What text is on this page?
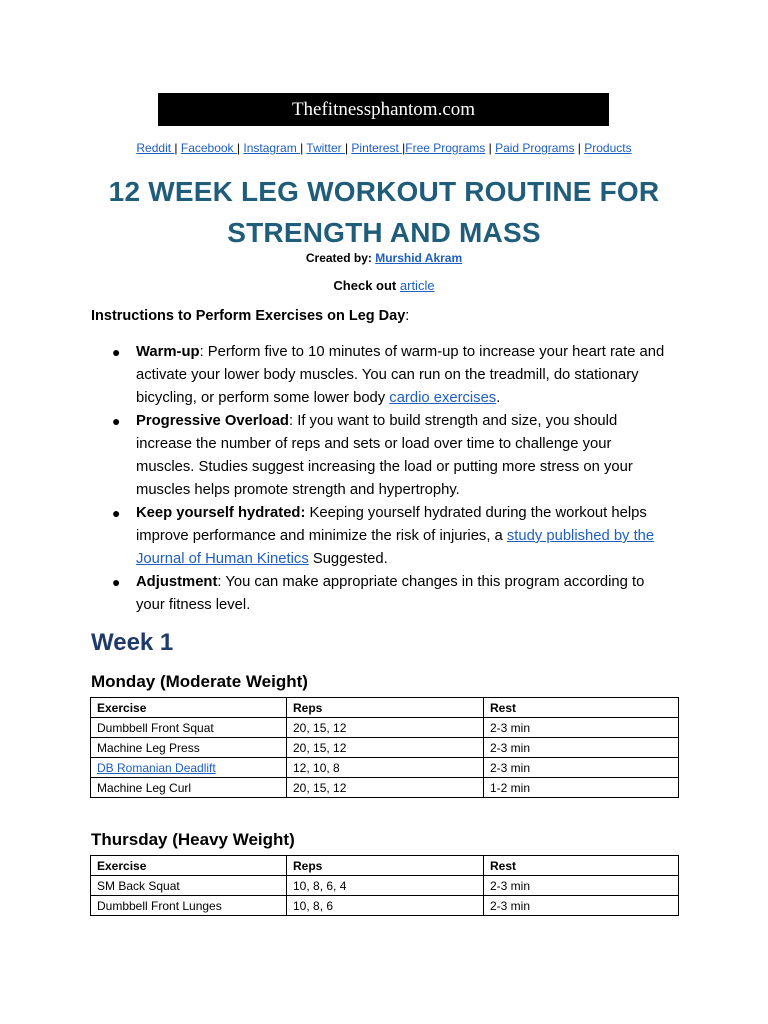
Thefitnessphantom.com
Reddit | Facebook | Instagram | Twitter | Pinterest |Free Programs | Paid Programs | Products
12 WEEK LEG WORKOUT ROUTINE FOR
STRENGTH AND MASS
Created by: Murshid Akram
Check out article
Instructions to Perform Exercises on Leg Day:
● Warm-up: Perform five to 10 minutes of warm-up to increase your heart rate and activate your lower body muscles. You can run on the treadmill, do stationary bicycling, or perform some lower body cardio exercises.
● Progressive Overload: If you want to build strength and size, you should increase the number of reps and sets or load over time to challenge your muscles. Studies suggest increasing the load or putting more stress on your muscles helps promote strength and hypertrophy.
● Keep yourself hydrated: Keeping yourself hydrated during the workout helps improve performance and minimize the risk of injuries, a study published by the Journal of Human Kinetics Suggested.
● Adjustment: You can make appropriate changes in this program according to your fitness level.
Week 1
Monday (Moderate Weight)
Exercise	Reps	Rest
Dumbbell Front Squat	20, 15, 12	2-3 min
Machine Leg Press	20, 15, 12	2-3 min
DB Romanian Deadlift	12, 10, 8	2-3 min
Machine Leg Curl	20, 15, 12	1-2 min
Thursday (Heavy Weight)
Exercise	Reps	Rest
SM Back Squat	10, 8, 6, 4	2-3 min
Dumbbell Front Lunges	10, 8, 6	2-3 min
